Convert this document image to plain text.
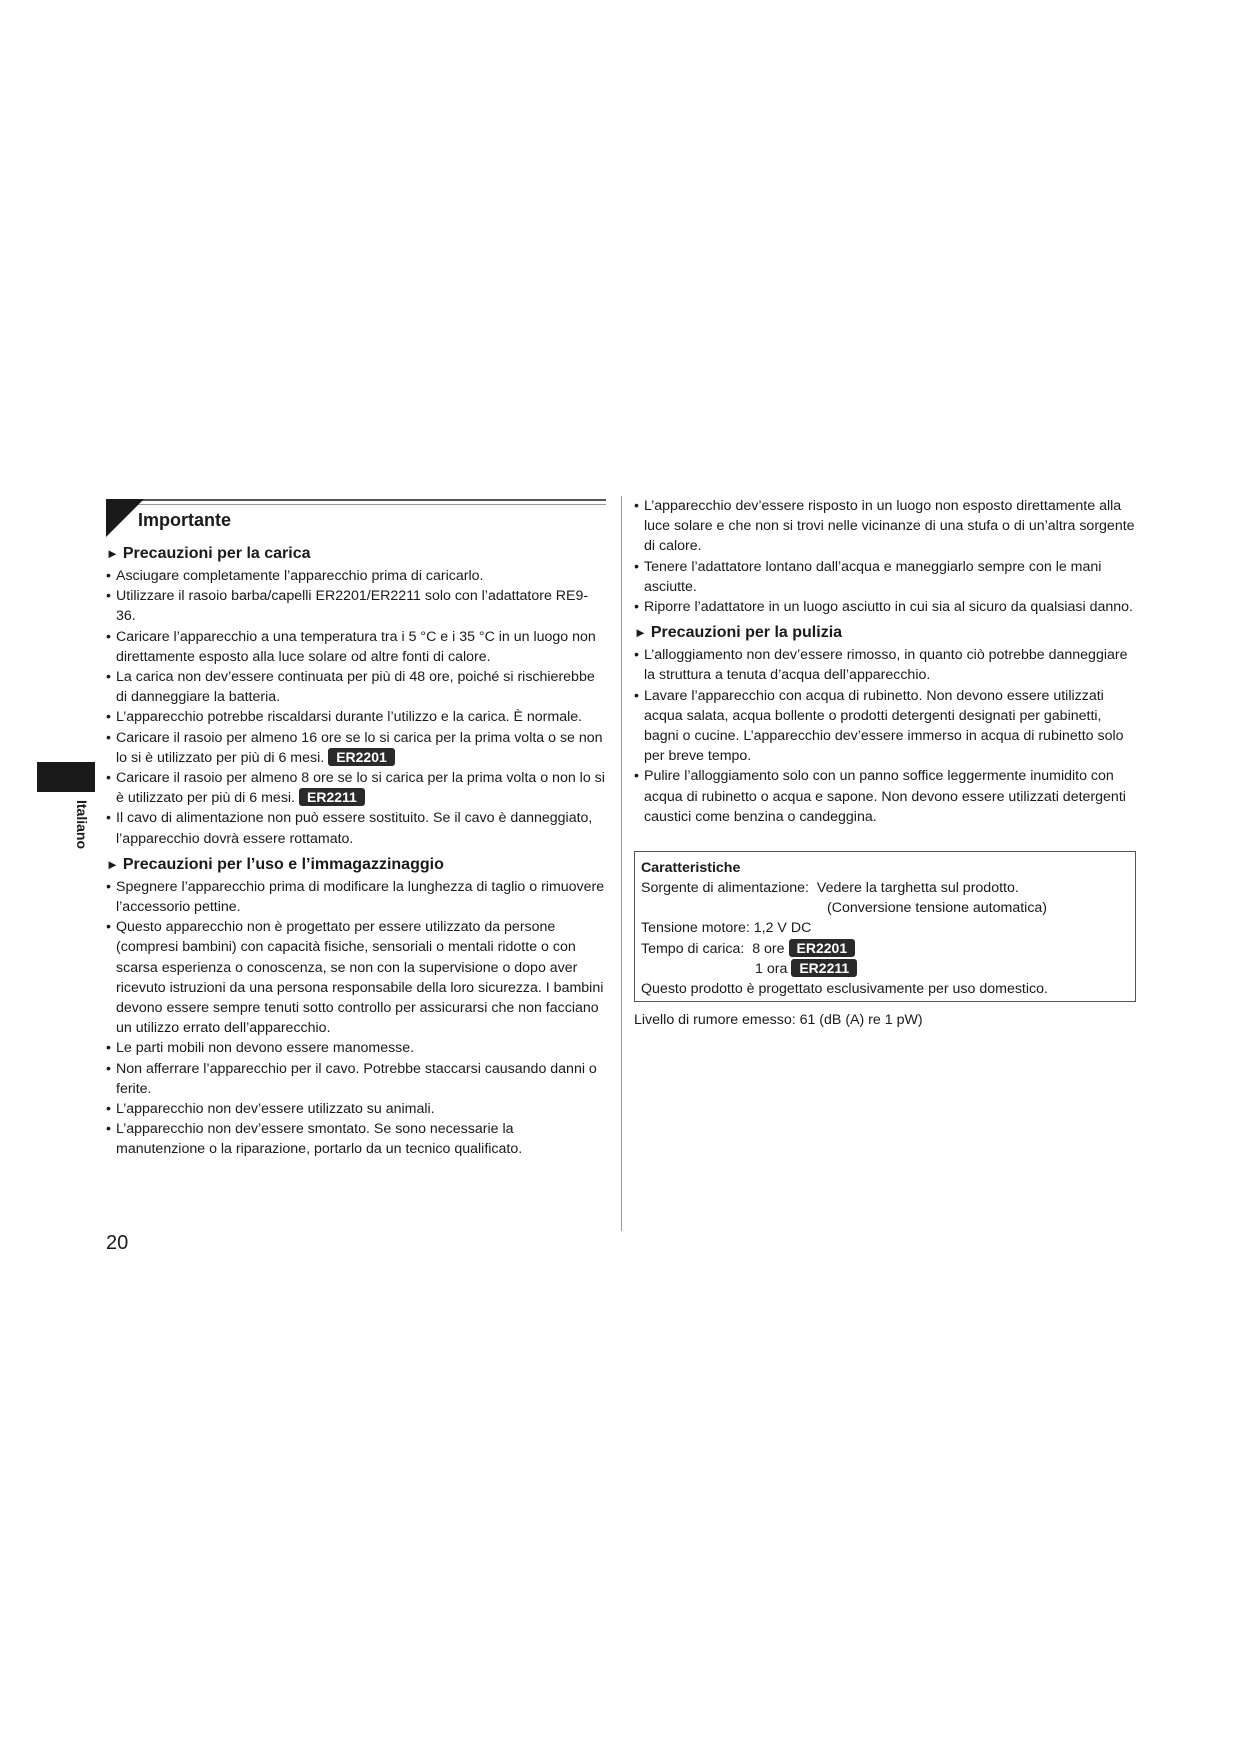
Italiano
Importante
► Precauzioni per la carica
• Asciugare completamente l’apparecchio prima di caricarlo.
• Utilizzare il rasoio barba/capelli ER2201/ER2211 solo con l’adattatore RE9-36.
• Caricare l’apparecchio a una temperatura tra i 5 °C e i 35 °C in un luogo non direttamente esposto alla luce solare od altre fonti di calore.
• La carica non dev’essere continuata per più di 48 ore, poiché si rischierebbe di danneggiare la batteria.
• L’apparecchio potrebbe riscaldarsi durante l’utilizzo e la carica. È normale.
• Caricare il rasoio per almeno 16 ore se lo si carica per la prima volta o se non lo si è utilizzato per più di 6 mesi. ER2201
• Caricare il rasoio per almeno 8 ore se lo si carica per la prima volta o non lo si è utilizzato per più di 6 mesi. ER2211
• Il cavo di alimentazione non può essere sostituito. Se il cavo è danneggiato, l’apparecchio dovrà essere rottamato.
► Precauzioni per l’uso e l’immagazzinaggio
• Spegnere l’apparecchio prima di modificare la lunghezza di taglio o rimuovere l’accessorio pettine.
• Questo apparecchio non è progettato per essere utilizzato da persone (compresi bambini) con capacità fisiche, sensoriali o mentali ridotte o con scarsa esperienza o conoscenza, se non con la supervisione o dopo aver ricevuto istruzioni da una persona responsabile della loro sicurezza. I bambini devono essere sempre tenuti sotto controllo per assicurarsi che non facciano un utilizzo errato dell’apparecchio.
• Le parti mobili non devono essere manomesse.
• Non afferrare l’apparecchio per il cavo. Potrebbe staccarsi causando danni o ferite.
• L’apparecchio non dev’essere utilizzato su animali.
• L’apparecchio non dev’essere smontato. Se sono necessarie la manutenzione o la riparazione, portarlo da un tecnico qualificato.
• L’apparecchio dev’essere risposto in un luogo non esposto direttamente alla luce solare e che non si trovi nelle vicinanze di una stufa o di un’altra sorgente di calore.
• Tenere l’adattatore lontano dall’acqua e maneggiarlo sempre con le mani asciutte.
• Riporre l’adattatore in un luogo asciutto in cui sia al sicuro da qualsiasi danno.
► Precauzioni per la pulizia
• L’alloggiamento non dev’essere rimosso, in quanto ciò potrebbe danneggiare la struttura a tenuta d’acqua dell’apparecchio.
• Lavare l’apparecchio con acqua di rubinetto. Non devono essere utilizzati acqua salata, acqua bollente o prodotti detergenti designati per gabinetti, bagni o cucine. L’apparecchio dev’essere immerso in acqua di rubinetto solo per breve tempo.
• Pulire l’alloggiamento solo con un panno soffice leggermente inumidito con acqua di rubinetto o acqua e sapone. Non devono essere utilizzati detergenti caustici come benzina o candeggina.
Caratteristiche
Sorgente di alimentazione: Vedere la targhetta sul prodotto.
(Conversione tensione automatica)
Tensione motore: 1,2 V DC
Tempo di carica: 8 ore ER2201
1 ora ER2211
Questo prodotto è progettato esclusivamente per uso domestico.
Livello di rumore emesso: 61 (dB (A) re 1 pW)
20
